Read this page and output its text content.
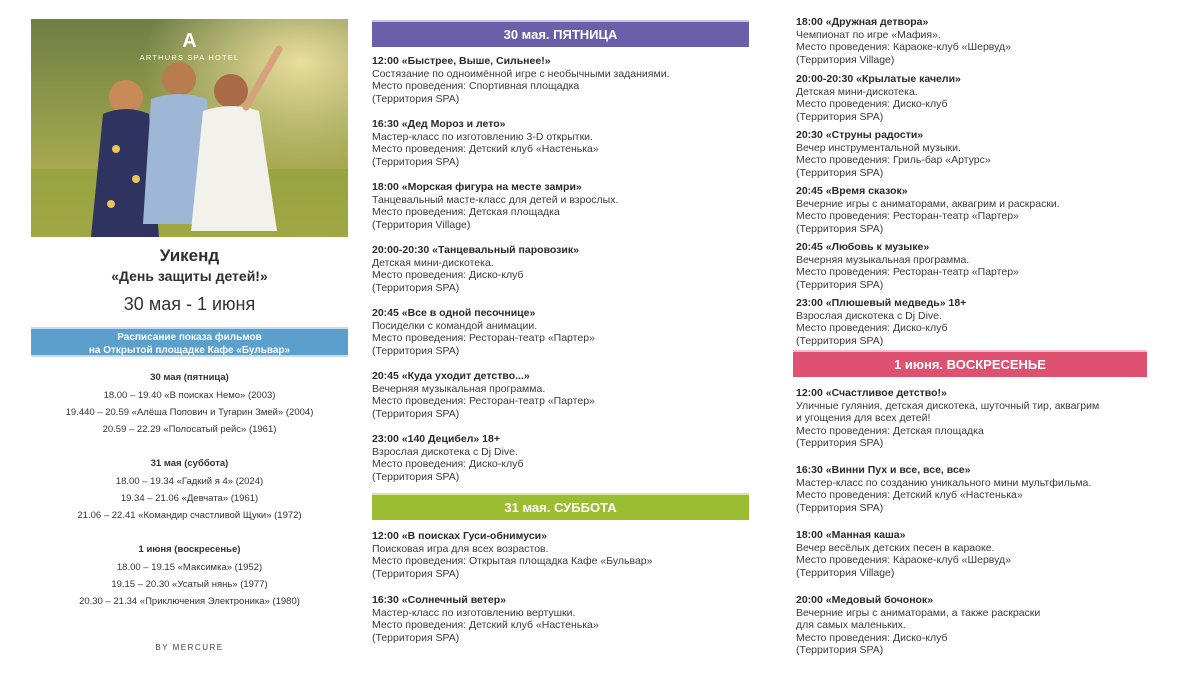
A
ARTHURS SPA HOTEL
Уикенд
«День защиты детей!»
30 мая - 1 июня
Расписание показа фильмов
на Открытой площадке Кафе «Бульвар»
30 мая (пятница)
18.00 – 19.40 «В поисках Немо» (2003)
19.440 – 20.59 «Алёша Попович и Тугарин Змей» (2004)
20.59 – 22.29 «Полосатый рейс» (1961)
31 мая (суббота)
18.00 – 19.34 «Гадкий я 4» (2024)
19.34 – 21.06 «Девчата» (1961)
21.06 – 22.41 «Командир счастливой Щуки» (1972)
1 июня (воскресенье)
18.00 – 19.15 «Максимка» (1952)
19.15 – 20.30 «Усатый нянь» (1977)
20.30 – 21.34 «Приключения Электроника» (1980)
BY MERCURE
30 мая. ПЯТНИЦА
12:00 «Быстрее, Выше, Сильнее!»
Состязание по одноимённой игре с необычными заданиями.
Место проведения: Спортивная площадка
(Территория SPA)
16:30 «Дед Мороз и лето»
Мастер-класс по изготовлению 3-D открытки.
Место проведения: Детский клуб «Настенька»
(Территория SPA)
18:00 «Морская фигура на месте замри»
Танцевальный масте-класс для детей и взрослых.
Место проведения: Детская площадка
(Территория Village)
20:00-20:30 «Танцевальный паровозик»
Детская мини-дискотека.
Место проведения: Диско-клуб
(Территория SPA)
20:45 «Все в одной песочнице»
Посиделки с командой анимации.
Место проведения: Ресторан-театр «Партер»
(Территория SPA)
20:45 «Куда уходит детство...»
Вечерняя музыкальная программа.
Место проведения: Ресторан-театр «Партер»
(Территория SPA)
23:00 «140 Децибел» 18+
Взрослая дискотека с Dj Dive.
Место проведения: Диско-клуб
(Территория SPA)
31 мая. СУББОТА
12:00 «В поисках Гуси-обнимуси»
Поисковая игра для всех возрастов.
Место проведения: Открытая площадка Кафе «Бульвар»
(Территория SPA)
16:30 «Солнечный ветер»
Мастер-класс по изготовлению вертушки.
Место проведения: Детский клуб «Настенька»
(Территория SPA)
18:00 «Дружная детвора»
Чемпионат по игре «Мафия».
Место проведения: Караоке-клуб «Шервуд»
(Территория Village)
20:00-20:30 «Крылатые качели»
Детская мини-дискотека.
Место проведения: Диско-клуб
(Территория SPA)
20:30 «Струны радости»
Вечер инструментальной музыки.
Место проведения: Гриль-бар «Артурс»
(Территория SPA)
20:45 «Время сказок»
Вечерние игры с аниматорами, аквагрим и раскраски.
Место проведения: Ресторан-театр «Партер»
(Территория SPA)
20:45 «Любовь к музыке»
Вечерняя музыкальная программа.
Место проведения: Ресторан-театр «Партер»
(Территория SPA)
23:00 «Плюшевый медведь» 18+
Взрослая дискотека с Dj Dive.
Место проведения: Диско-клуб
(Территория SPA)
1 июня. ВОСКРЕСЕНЬЕ
12:00 «Счастливое детство!»
Уличные гуляния, детская дискотека, шуточный тир, аквагрим
и угощения для всех детей!
Место проведения: Детская площадка
(Территория SPA)
16:30 «Винни Пух и все, все, все»
Мастер-класс по созданию уникального мини мультфильма.
Место проведения: Детский клуб «Настенька»
(Территория SPA)
18:00 «Манная каша»
Вечер весёлых детских песен в караоке.
Место проведения: Караоке-клуб «Шервуд»
(Территория Village)
20:00 «Медовый бочонок»
Вечерние игры с аниматорами, а также раскраски
для самых маленьких.
Место проведения: Диско-клуб
(Территория SPA)
